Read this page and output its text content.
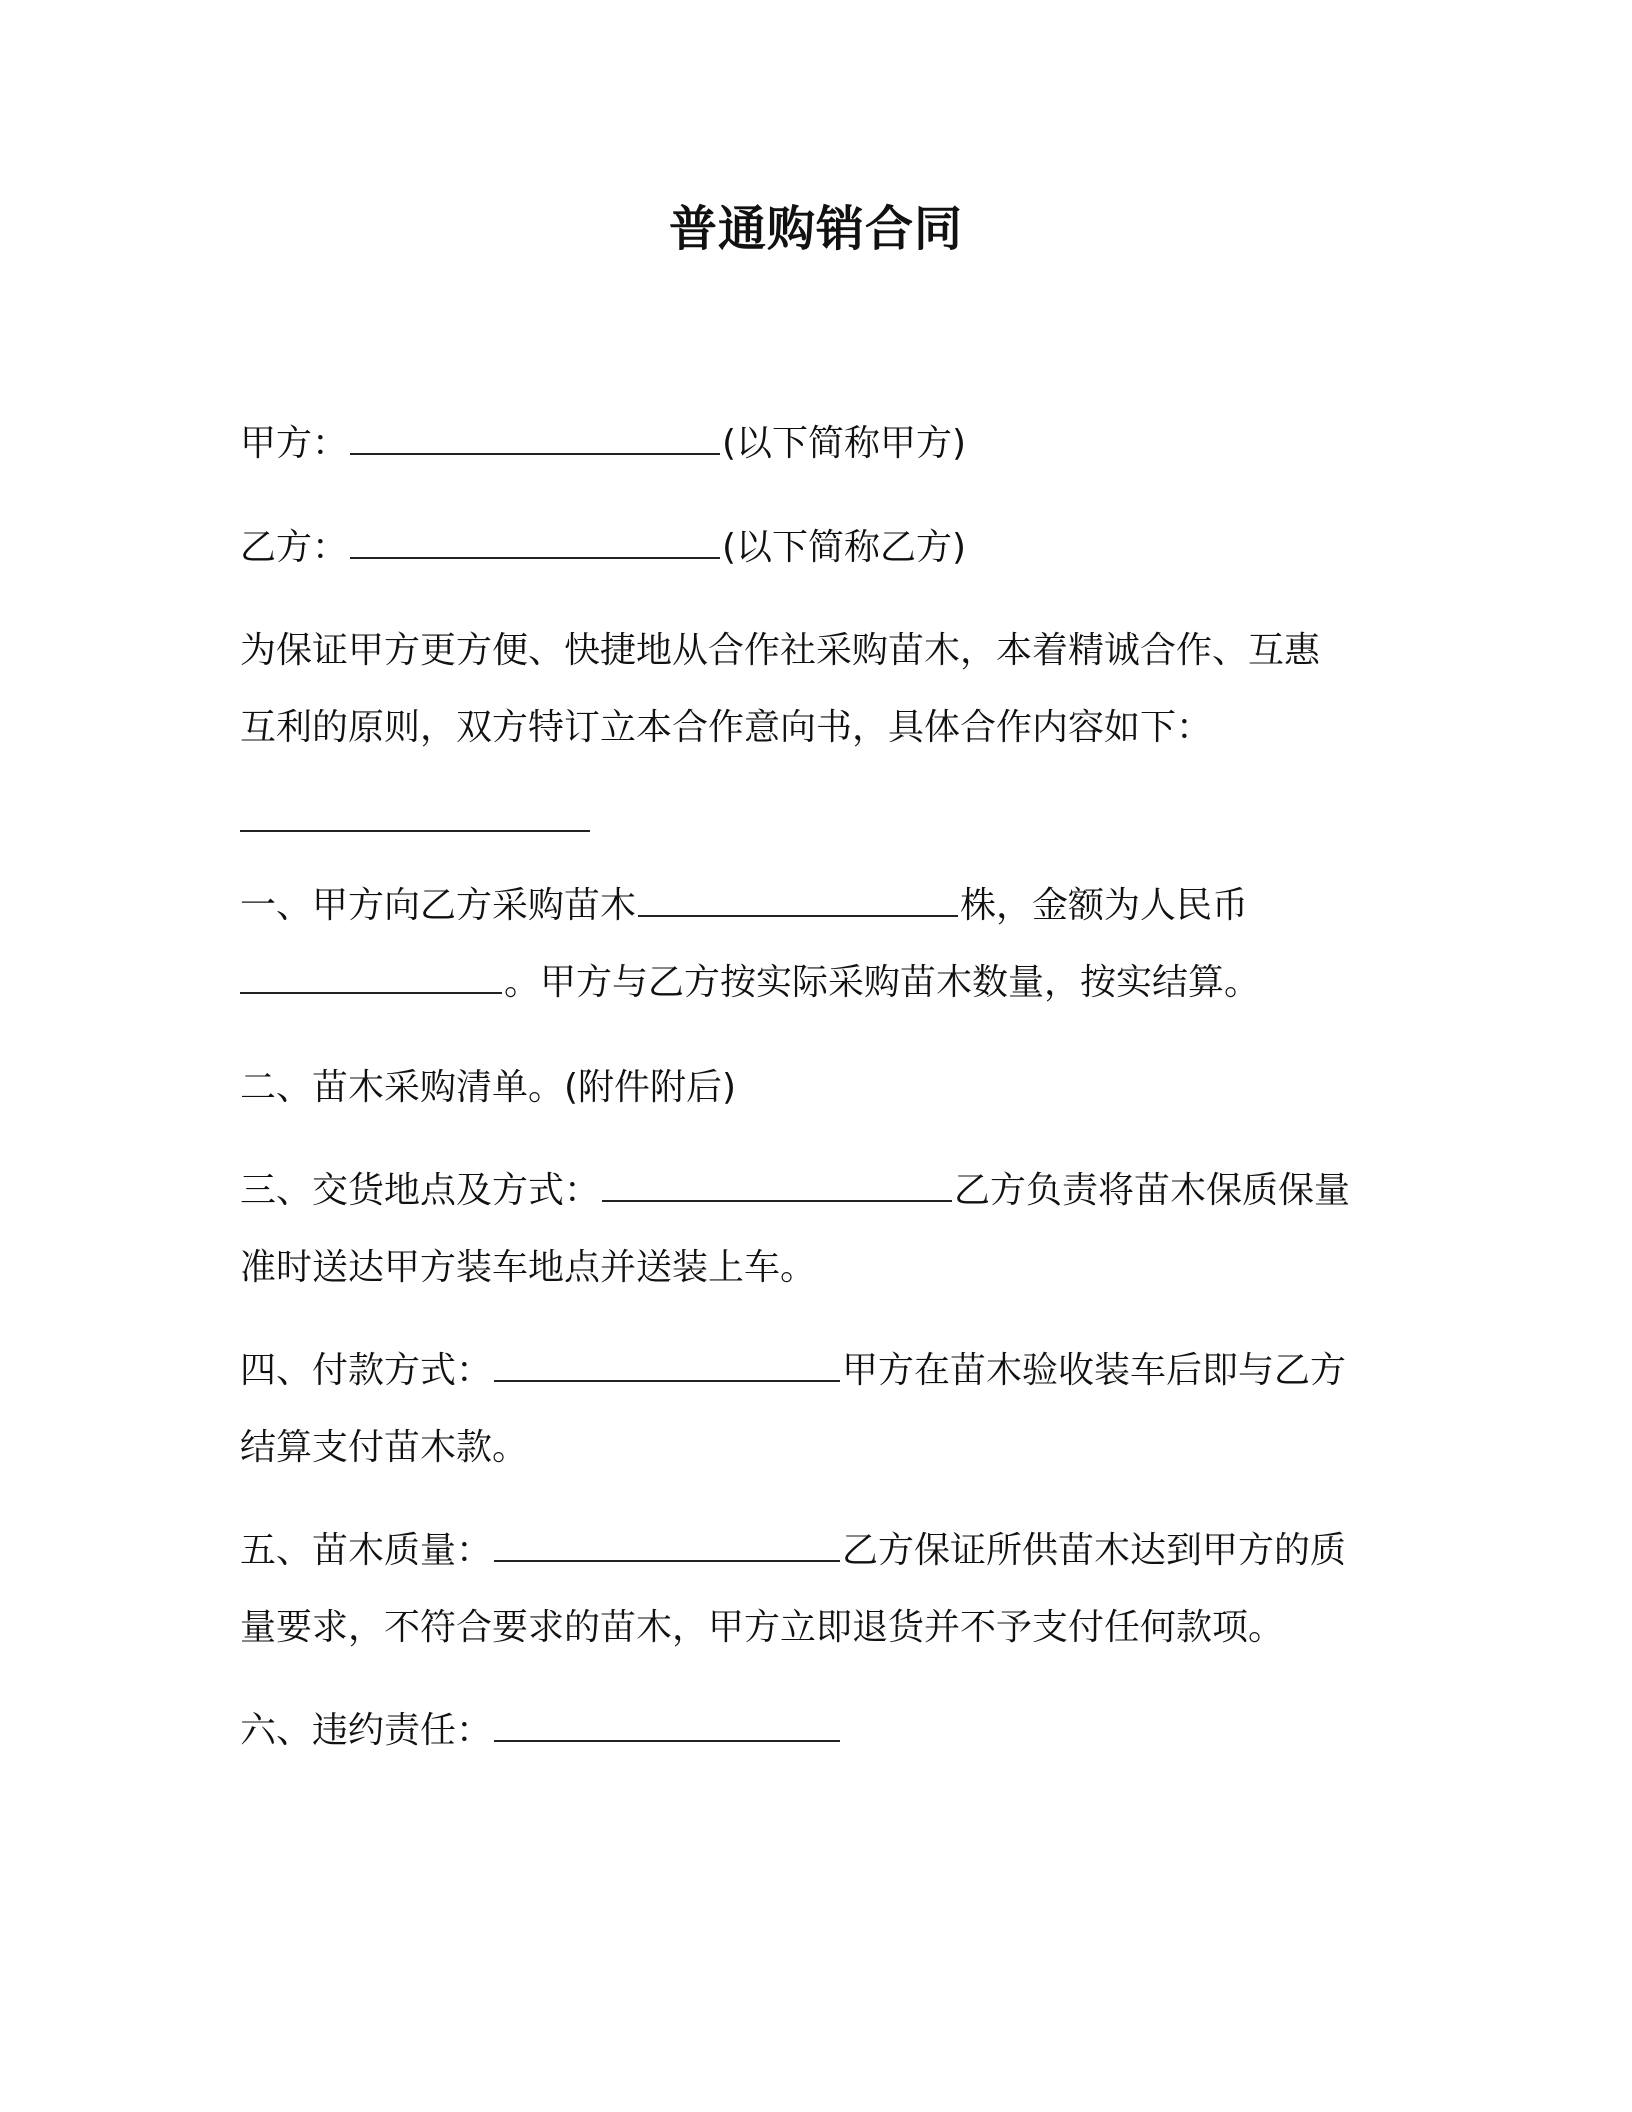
普通购销合同
甲方：	(以下简称甲方)
乙方：	(以下简称乙方)
为保证甲方更方便、快捷地从合作社采购苗木，本着精诚合作、互惠
互利的原则，双方特订立本合作意向书，具体合作内容如下：
一、甲方向乙方采购苗木	株，金额为人民币
。甲方与乙方按实际采购苗木数量，按实结算。
二、苗木采购清单。(附件附后)
三、交货地点及方式：	乙方负责将苗木保质保量
准时送达甲方装车地点并送装上车。
四、付款方式：	甲方在苗木验收装车后即与乙方
结算支付苗木款。
五、苗木质量：	乙方保证所供苗木达到甲方的质
量要求，不符合要求的苗木，甲方立即退货并不予支付任何款项。
六、违约责任：
